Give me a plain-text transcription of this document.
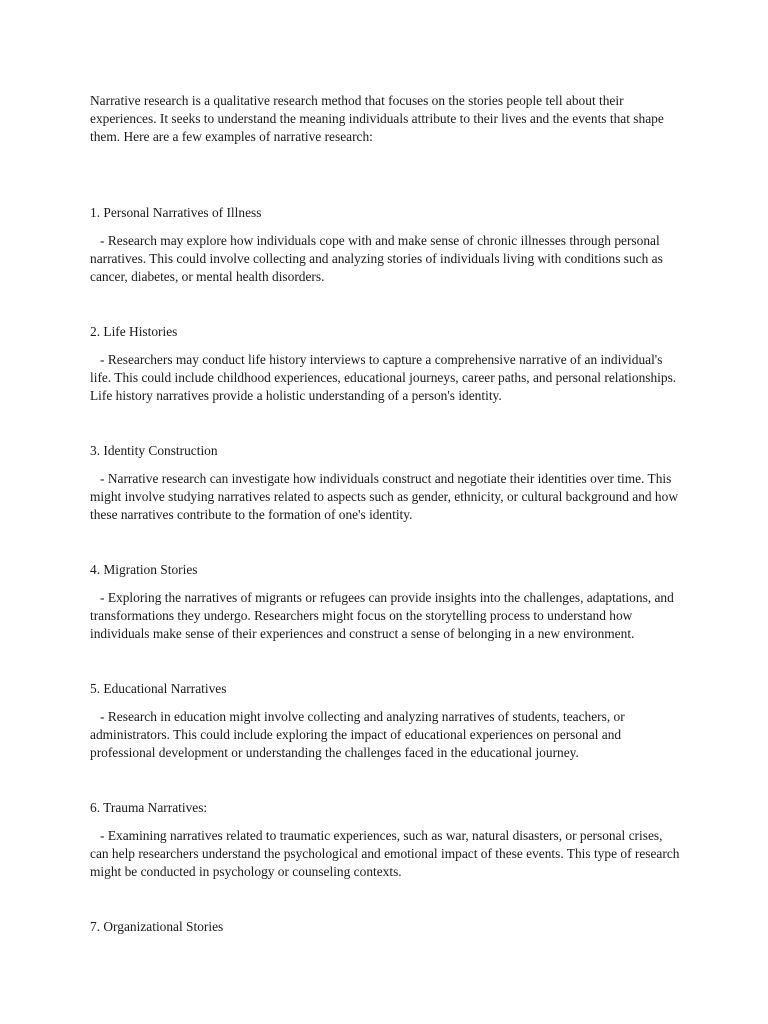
Narrative research is a qualitative research method that focuses on the stories people tell about their experiences. It seeks to understand the meaning individuals attribute to their lives and the events that shape them. Here are a few examples of narrative research:

1. Personal Narratives of Illness

- Research may explore how individuals cope with and make sense of chronic illnesses through personal narratives. This could involve collecting and analyzing stories of individuals living with conditions such as cancer, diabetes, or mental health disorders.

2. Life Histories

- Researchers may conduct life history interviews to capture a comprehensive narrative of an individual's life. This could include childhood experiences, educational journeys, career paths, and personal relationships. Life history narratives provide a holistic understanding of a person's identity.

3. Identity Construction

- Narrative research can investigate how individuals construct and negotiate their identities over time. This might involve studying narratives related to aspects such as gender, ethnicity, or cultural background and how these narratives contribute to the formation of one's identity.

4. Migration Stories

- Exploring the narratives of migrants or refugees can provide insights into the challenges, adaptations, and transformations they undergo. Researchers might focus on the storytelling process to understand how individuals make sense of their experiences and construct a sense of belonging in a new environment.

5. Educational Narratives

- Research in education might involve collecting and analyzing narratives of students, teachers, or administrators. This could include exploring the impact of educational experiences on personal and professional development or understanding the challenges faced in the educational journey.

6. Trauma Narratives:

- Examining narratives related to traumatic experiences, such as war, natural disasters, or personal crises, can help researchers understand the psychological and emotional impact of these events. This type of research might be conducted in psychology or counseling contexts.

7. Organizational Stories
